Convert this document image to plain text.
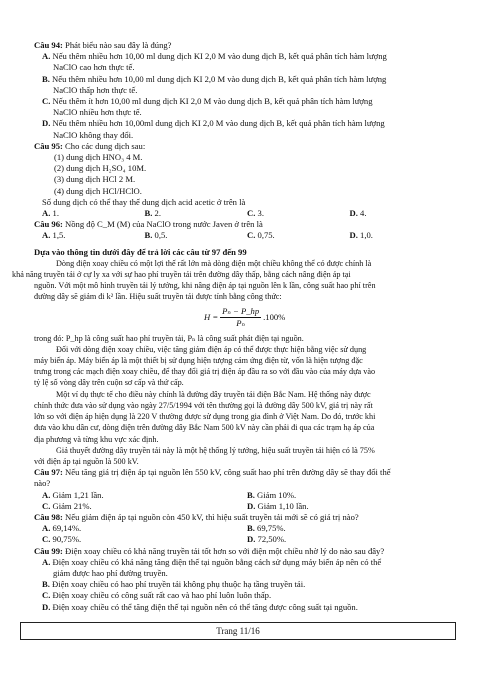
Câu 94: Phát biểu nào sau đây là đúng?
A. Nếu thêm nhiều hơn 10,00 ml dung dịch KI 2,0 M vào dung dịch B, kết quả phân tích hàm lượng
NaClO cao hơn thực tế.
B. Nếu thêm nhiều hơn 10,00 ml dung dịch KI 2,0 M vào dung dịch B, kết quả phân tích hàm lượng
NaClO thấp hơn thực tế.
C. Nếu thêm ít hơn 10,00 ml dung dịch KI 2,0 M vào dung dịch B, kết quả phân tích hàm lượng
NaClO nhiều hơn thực tế.
D. Nếu thêm nhiều hơn 10,00ml dung dịch KI 2,0 M vào dung dịch B, kết quả phân tích hàm lượng
NaClO không thay đổi.
Câu 95: Cho các dung dịch sau:
(1) dung dịch HNO₃ 4 M.
(2) dung dịch H₂SO₄ 10M.
(3) dung dịch HCl 2 M.
(4) dung dịch HCl/HClO.
Số dung dịch có thể thay thế dung dịch acid acetic ở trên là
A. 1.	B. 2.	C. 3.	D. 4.
Câu 96: Nồng độ C_M (M) của NaClO trong nước Javen ở trên là
A. 1,5.	B. 0,5.	C. 0,75.	D. 1,0.
Dựa vào thông tin dưới đây để trả lời các câu từ 97 đến 99
Dòng điện xoay chiều có một lợi thế rất lớn mà dòng điện một chiều không thể có được chính là
khả năng truyền tải ở cự ly xa với sự hao phí truyền tải trên đường dây thấp, bằng cách nâng điện áp tại
nguồn. Với một mô hình truyền tải lý tưởng, khi nâng điện áp tại nguồn lên k lần, công suất hao phí trên
đường dây sẽ giảm đi k² lần. Hiệu suất truyền tải được tính bằng công thức:
$H = \frac{\text{Pₙ − P\_hp}}{\text{Pₙ}} .100\%$
trong đó: P_hp là công suất hao phí truyền tải, Pₙ là công suất phát điện tại nguồn.
Đối với dòng điện xoay chiều, việc tăng giảm điện áp có thể được thực hiện bằng việc sử dụng
máy biến áp. Máy biến áp là một thiết bị sử dụng hiện tượng cảm ứng điện từ, vốn là hiện tượng đặc
trưng trong các mạch điện xoay chiều, để thay đổi giá trị điện áp đầu ra so với đầu vào của máy dựa vào
tỷ lệ số vòng dây trên cuộn sơ cấp và thứ cấp.
Một ví dụ thực tế cho điều này chính là đường dây truyền tải điện Bắc Nam. Hệ thống này được
chính thức đưa vào sử dụng vào ngày 27/5/1994 với tên thường gọi là đường dây 500 kV, giá trị này rất
lớn so với điện áp hiện dụng là 220 V thường được sử dụng trong gia đình ở Việt Nam. Do đó, trước khi
đưa vào khu dân cư, dòng điện trên đường dây Bắc Nam 500 kV này cần phải đi qua các trạm hạ áp của
địa phương và từng khu vực xác định.
Giả thuyết đường dây truyền tải này là một hệ thống lý tưởng, hiệu suất truyền tải hiện có là 75%
với điện áp tại nguồn là 500 kV.
Câu 97: Nếu tăng giá trị điện áp tại nguồn lên 550 kV, công suất hao phí trên đường dây sẽ thay đổi thế
nào?
A. Giảm 1,21 lần.	B. Giảm 10%.
C. Giảm 21%.	D. Giảm 1,10 lần.
Câu 98: Nếu giảm điện áp tại nguồn còn 450 kV, thì hiệu suất truyền tải mới sẽ có giá trị nào?
A. 69,14%.	B. 69,75%.
C. 90,75%.	D. 72,50%.
Câu 99: Điện xoay chiều có khả năng truyền tải tốt hơn so với điện một chiều nhờ lý do nào sau đây?
A. Điện xoay chiều có khả năng tăng điện thế tại nguồn bằng cách sử dụng máy biến áp nên có thể
giảm được hao phí đường truyền.
B. Điện xoay chiều có hao phí truyền tải không phụ thuộc hạ tầng truyền tải.
C. Điện xoay chiều có công suất rất cao và hao phí luôn luôn thấp.
D. Điện xoay chiều có thể tăng điện thế tại nguồn nên có thể tăng được công suất tại nguồn.
Trang 11/16
